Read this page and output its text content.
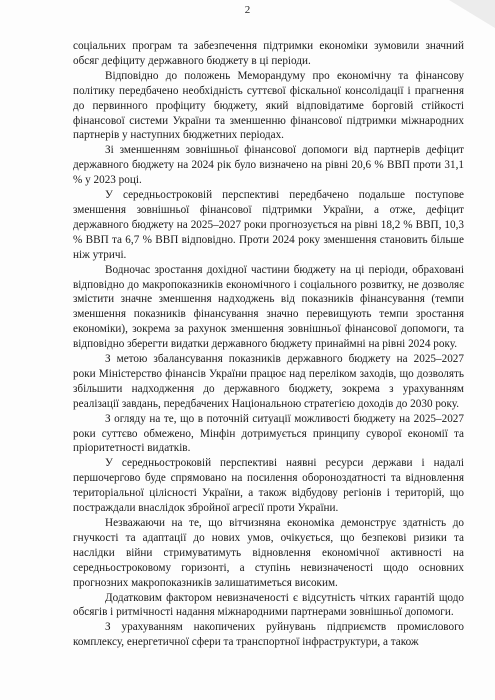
2

соціальних програм та забезпечення підтримки економіки зумовили значний обсяг дефіциту державного бюджету в ці періоди.

Відповідно до положень Меморандуму про економічну та фінансову політику передбачено необхідність суттєвої фіскальної консолідації і прагнення до первинного профіциту бюджету, який відповідатиме борговій стійкості фінансової системи України та зменшенню фінансової підтримки міжнародних партнерів у наступних бюджетних періодах.

Зі зменшенням зовнішньої фінансової допомоги від партнерів дефіцит державного бюджету на 2024 рік було визначено на рівні 20,6 % ВВП проти 31,1 % у 2023 році.

У середньостроковій перспективі передбачено подальше поступове зменшення зовнішньої фінансової підтримки України, а отже, дефіцит державного бюджету на 2025–2027 роки прогнозується на рівні 18,2 % ВВП, 10,3 % ВВП та 6,7 % ВВП відповідно. Проти 2024 року зменшення становить більше ніж утричі.

Водночас зростання дохідної частини бюджету на ці періоди, обраховані відповідно до макропоказників економічного і соціального розвитку, не дозволяє змістити значне зменшення надходжень від показників фінансування (темпи зменшення показників фінансування значно перевищують темпи зростання економіки), зокрема за рахунок зменшення зовнішньої фінансової допомоги, та відповідно зберегти видатки державного бюджету принаймні на рівні 2024 року.

З метою збалансування показників державного бюджету на 2025–2027 роки Міністерство фінансів України працює над переліком заходів, що дозволять збільшити надходження до державного бюджету, зокрема з урахуванням реалізації завдань, передбачених Національною стратегією доходів до 2030 року.

З огляду на те, що в поточній ситуації можливості бюджету на 2025–2027 роки суттєво обмежено, Мінфін дотримується принципу суворої економії та пріоритетності видатків.

У середньостроковій перспективі наявні ресурси держави і надалі першочергово буде спрямовано на посилення обороноздатності та відновлення територіальної цілісності України, а також відбудову регіонів і територій, що постраждали внаслідок збройної агресії проти України.

Незважаючи на те, що вітчизняна економіка демонструє здатність до гнучкості та адаптації до нових умов, очікується, що безпекові ризики та наслідки війни стримуватимуть відновлення економічної активності на середньостроковому горизонті, а ступінь невизначеності щодо основних прогнозних макропоказників залишатиметься високим.

Додатковим фактором невизначеності є відсутність чітких гарантій щодо обсягів і ритмічності надання міжнародними партнерами зовнішньої допомоги.

З урахуванням накопичених руйнувань підприємств промислового комплексу, енергетичної сфери та транспортної інфраструктури, а також
